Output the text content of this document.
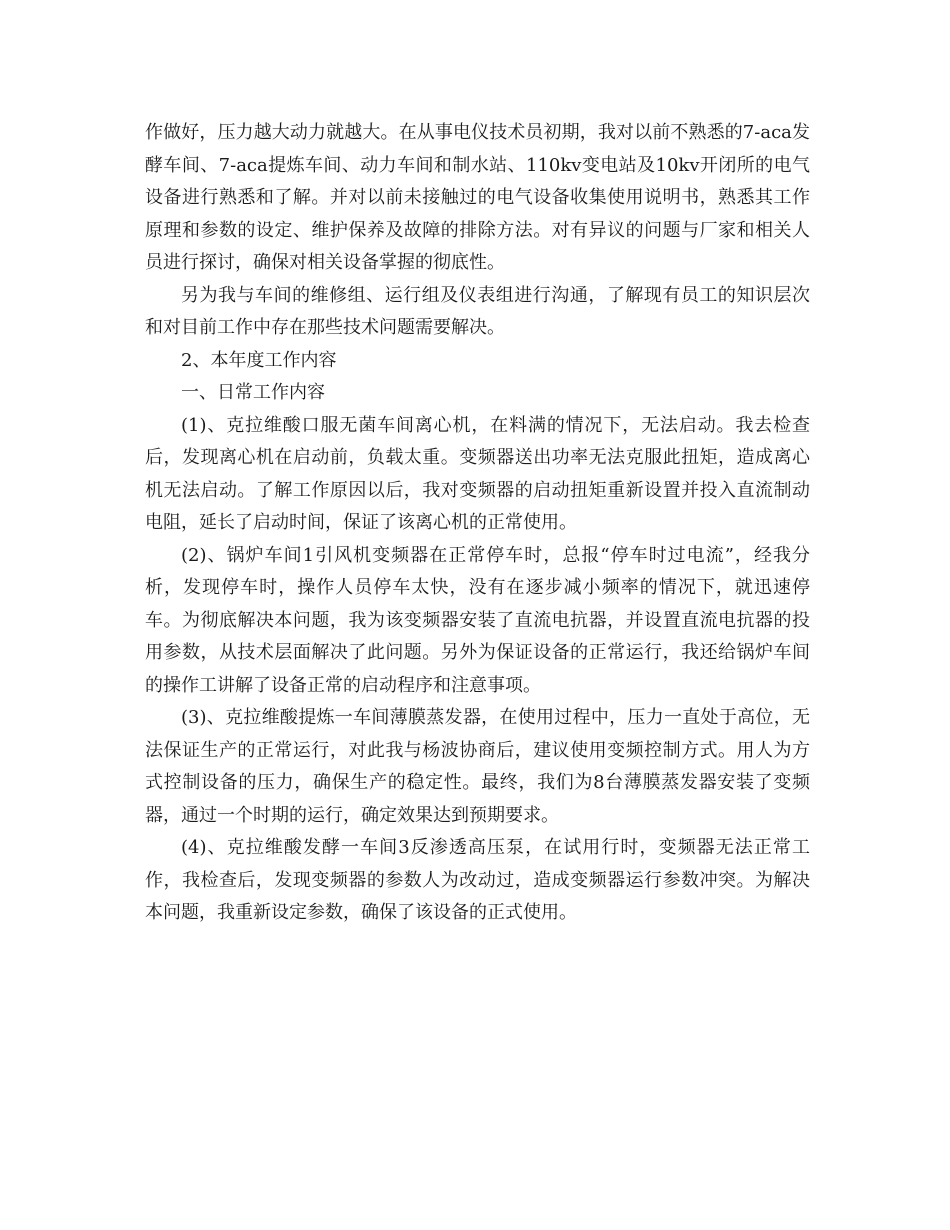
作做好，压力越大动力就越大。在从事电仪技术员初期，我对以前不熟悉的7-aca发酵车间、7-aca提炼车间、动力车间和制水站、110kv变电站及10kv开闭所的电气设备进行熟悉和了解。并对以前未接触过的电气设备收集使用说明书，熟悉其工作原理和参数的设定、维护保养及故障的排除方法。对有异议的问题与厂家和相关人员进行探讨，确保对相关设备掌握的彻底性。

另为我与车间的维修组、运行组及仪表组进行沟通，了解现有员工的知识层次和对目前工作中存在那些技术问题需要解决。

2、本年度工作内容

一、日常工作内容

(1)、克拉维酸口服无菌车间离心机，在料满的情况下，无法启动。我去检查后，发现离心机在启动前，负载太重。变频器送出功率无法克服此扭矩，造成离心机无法启动。了解工作原因以后，我对变频器的启动扭矩重新设置并投入直流制动电阻，延长了启动时间，保证了该离心机的正常使用。

(2)、锅炉车间1引风机变频器在正常停车时，总报“停车时过电流”，经我分析，发现停车时，操作人员停车太快，没有在逐步减小频率的情况下，就迅速停车。为彻底解决本问题，我为该变频器安装了直流电抗器，并设置直流电抗器的投用参数，从技术层面解决了此问题。另外为保证设备的正常运行，我还给锅炉车间的操作工讲解了设备正常的启动程序和注意事项。

(3)、克拉维酸提炼一车间薄膜蒸发器，在使用过程中，压力一直处于高位，无法保证生产的正常运行，对此我与杨波协商后，建议使用变频控制方式。用人为方式控制设备的压力，确保生产的稳定性。最终，我们为8台薄膜蒸发器安装了变频器，通过一个时期的运行，确定效果达到预期要求。

(4)、克拉维酸发酵一车间3反渗透高压泵，在试用行时，变频器无法正常工作，我检查后，发现变频器的参数人为改动过，造成变频器运行参数冲突。为解决本问题，我重新设定参数，确保了该设备的正式使用。
